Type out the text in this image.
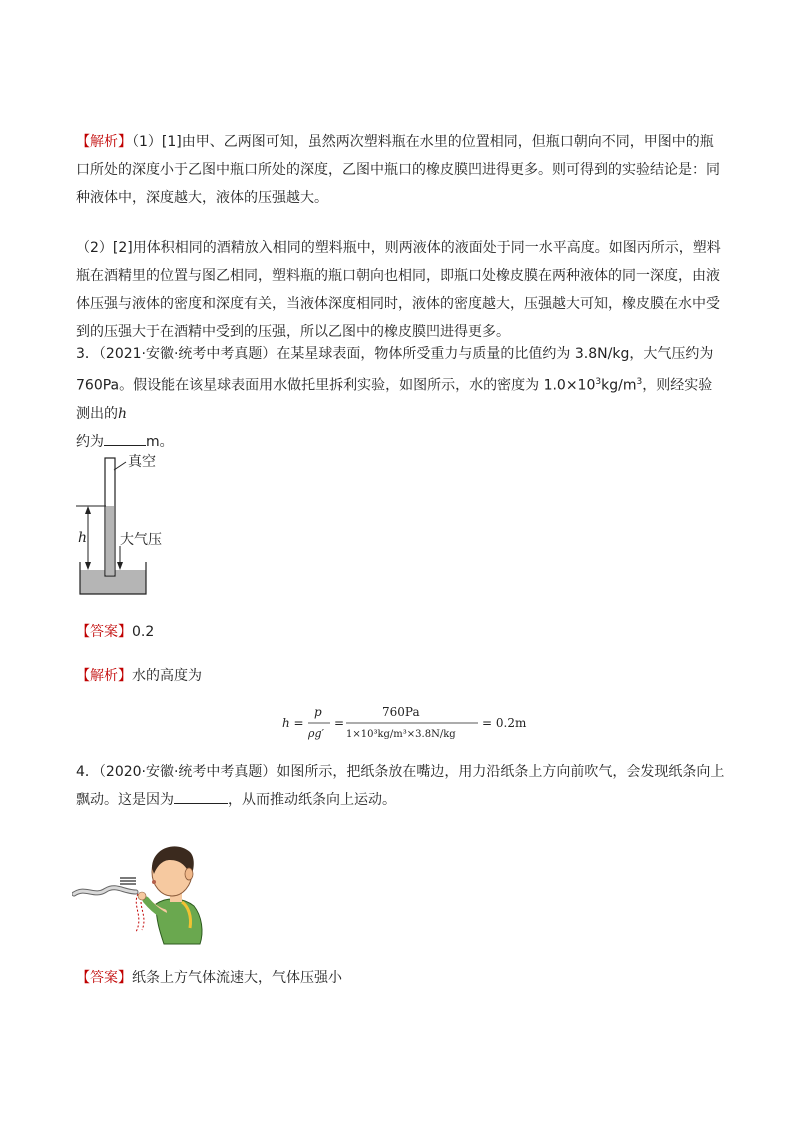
【解析】（1）[1]由甲、乙两图可知，虽然两次塑料瓶在水里的位置相同，但瓶口朝向不同，甲图中的瓶口所处的深度小于乙图中瓶口所处的深度，乙图中瓶口的橡皮膜凹进得更多。则可得到的实验结论是：同种液体中，深度越大，液体的压强越大。

（2）[2]用体积相同的酒精放入相同的塑料瓶中，则两液体的液面处于同一水平高度。如图丙所示，塑料瓶在酒精里的位置与图乙相同，塑料瓶的瓶口朝向也相同，即瓶口处橡皮膜在两种液体的同一深度，由液体压强与液体的密度和深度有关，当液体深度相同时，液体的密度越大，压强越大可知，橡皮膜在水中受到的压强大于在酒精中受到的压强，所以乙图中的橡皮膜凹进得更多。

3．（2021·安徽·统考中考真题）在某星球表面，物体所受重力与质量的比值约为 3.8N/kg，大气压约为 760Pa。假设能在该星球表面用水做托里拆利实验，如图所示，水的密度为 $1.0\times 10^3kg/m^3$，则经实验测出的h
约为	m。

真空
大气压
h

【答案】0.2

【解析】水的高度为

h =
p
ρg′
=
760Pa
1×10³kg/m³×3.8N/kg
= 0.2m

4．（2020·安徽·统考中考真题）如图所示，把纸条放在嘴边，用力沿纸条上方向前吹气，会发现纸条向上飘动。这是因为	，从而推动纸条向上运动。

【答案】纸条上方气体流速大，气体压强小
